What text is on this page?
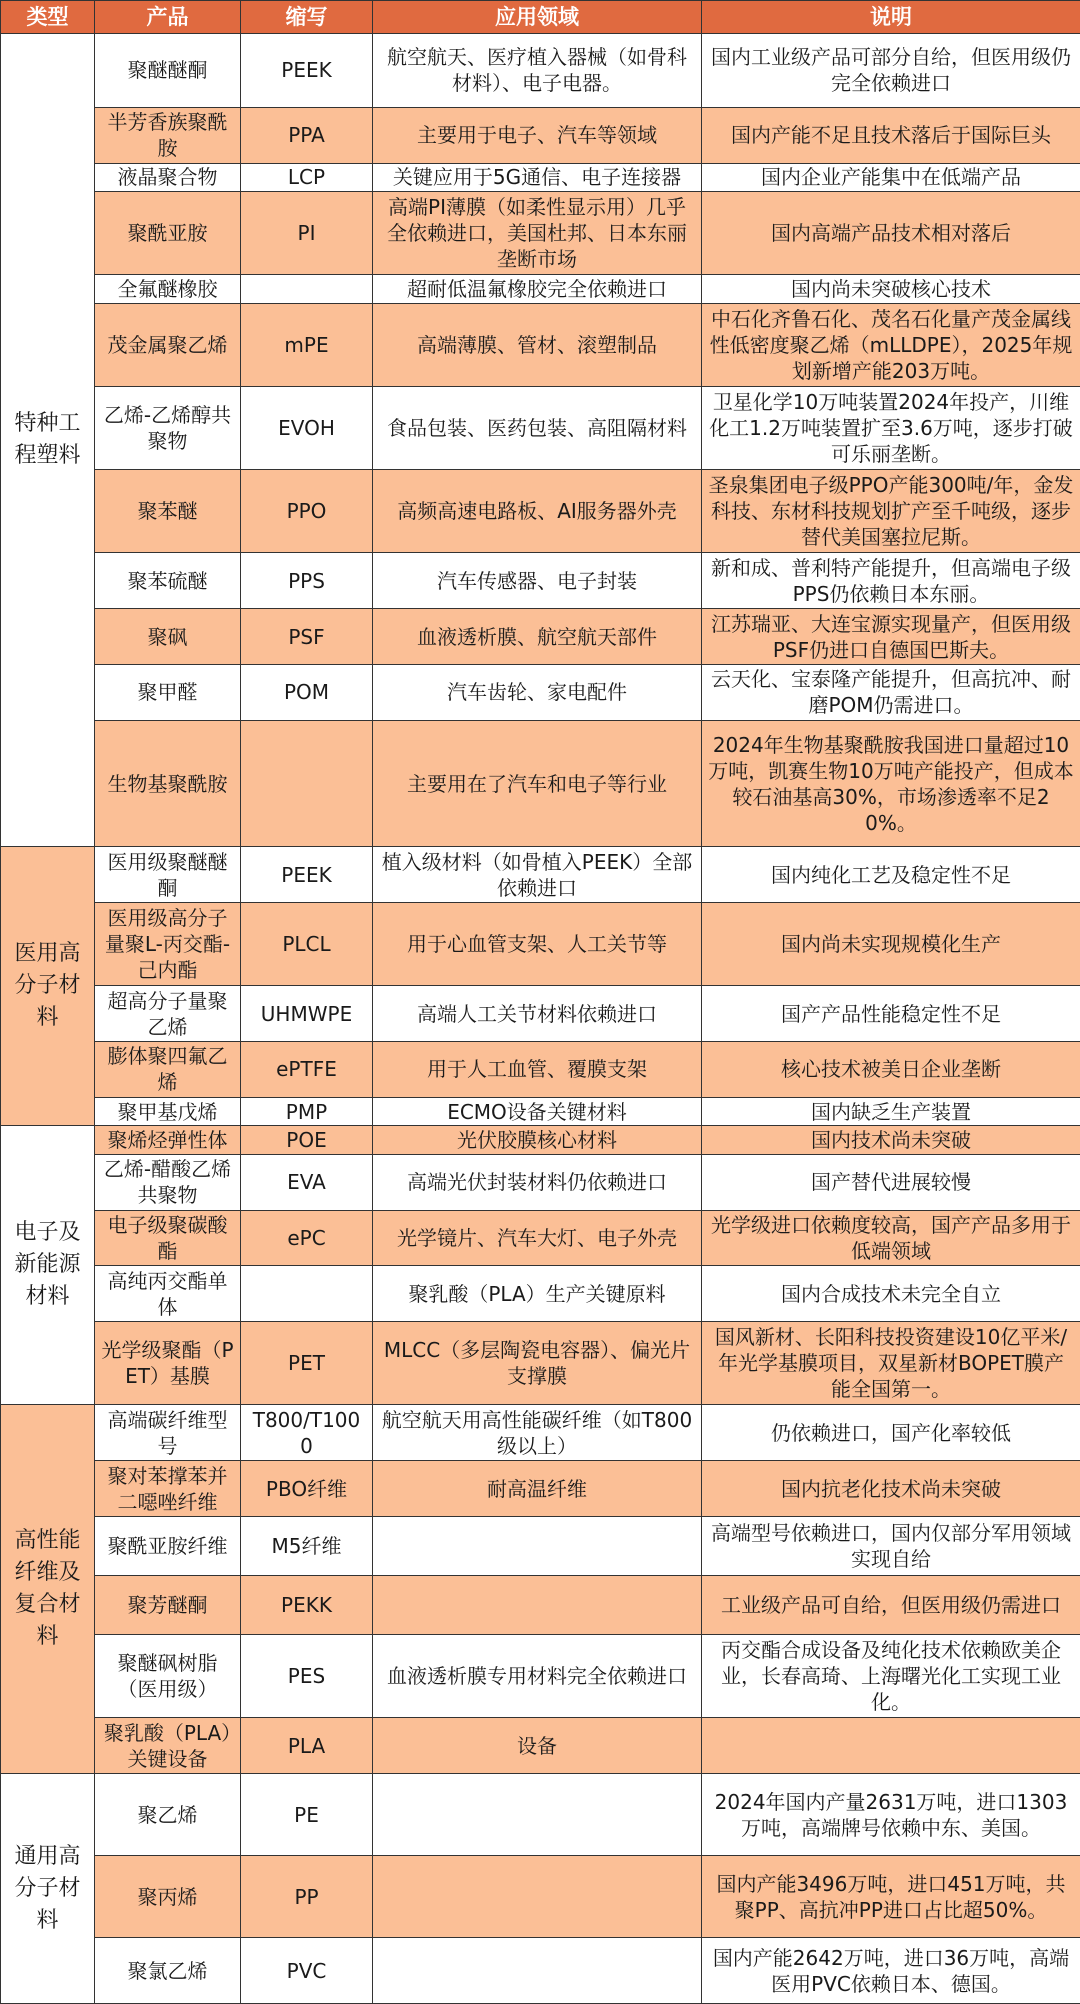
类型	产品	缩写	应用领域	说明
特种工程塑料	聚醚醚酮	PEEK	航空航天、医疗植入器械（如骨科材料）、电子电器。	国内工业级产品可部分自给，但医用级仍完全依赖进口
	半芳香族聚酰胺	PPA	主要用于电子、汽车等领域	国内产能不足且技术落后于国际巨头
	液晶聚合物	LCP	关键应用于5G通信、电子连接器	国内企业产能集中在低端产品
	聚酰亚胺	PI	高端PI薄膜（如柔性显示用）几乎全依赖进口，美国杜邦、日本东丽垄断市场	国内高端产品技术相对落后
	全氟醚橡胶		超耐低温氟橡胶完全依赖进口	国内尚未突破核心技术
	茂金属聚乙烯	mPE	高端薄膜、管材、滚塑制品	中石化齐鲁石化、茂名石化量产茂金属线性低密度聚乙烯（mLLDPE），2025年规划新增产能203万吨。
	乙烯-乙烯醇共聚物	EVOH	食品包装、医药包装、高阻隔材料	卫星化学10万吨装置2024年投产，川维化工1.2万吨装置扩至3.6万吨，逐步打破可乐丽垄断。
	聚苯醚	PPO	高频高速电路板、AI服务器外壳	圣泉集团电子级PPO产能300吨/年，金发科技、东材科技规划扩产至千吨级，逐步替代美国塞拉尼斯。
	聚苯硫醚	PPS	汽车传感器、电子封装	新和成、普利特产能提升，但高端电子级PPS仍依赖日本东丽。
	聚砜	PSF	血液透析膜、航空航天部件	江苏瑞亚、大连宝源实现量产，但医用级PSF仍进口自德国巴斯夫。
	聚甲醛	POM	汽车齿轮、家电配件	云天化、宝泰隆产能提升，但高抗冲、耐磨POM仍需进口。
	生物基聚酰胺		主要用在了汽车和电子等行业	2024年生物基聚酰胺我国进口量超过10万吨，凯赛生物10万吨产能投产，但成本较石油基高30%，市场渗透率不足20%。
医用高分子材料	医用级聚醚醚酮	PEEK	植入级材料（如骨植入PEEK）全部依赖进口	国内纯化工艺及稳定性不足
	医用级高分子量聚L-丙交酯-己内酯	PLCL	用于心血管支架、人工关节等	国内尚未实现规模化生产
	超高分子量聚乙烯	UHMWPE	高端人工关节材料依赖进口	国产产品性能稳定性不足
	膨体聚四氟乙烯	ePTFE	用于人工血管、覆膜支架	核心技术被美日企业垄断
	聚甲基戊烯	PMP	ECMO设备关键材料	国内缺乏生产装置
电子及新能源材料	聚烯烃弹性体	POE	光伏胶膜核心材料	国内技术尚未突破
	乙烯-醋酸乙烯共聚物	EVA	高端光伏封装材料仍依赖进口	国产替代进展较慢
	电子级聚碳酸酯	ePC	光学镜片、汽车大灯、电子外壳	光学级进口依赖度较高，国产产品多用于低端领域
	高纯丙交酯单体		聚乳酸（PLA）生产关键原料	国内合成技术未完全自立
	光学级聚酯（PET）基膜	PET	MLCC（多层陶瓷电容器）、偏光片支撑膜	国风新材、长阳科技投资建设10亿平米/年光学基膜项目，双星新材BOPET膜产能全国第一。
高性能纤维及复合材料	高端碳纤维型号	T800/T1000	航空航天用高性能碳纤维（如T800级以上）	仍依赖进口，国产化率较低
	聚对苯撑苯并二噁唑纤维	PBO纤维	耐高温纤维	国内抗老化技术尚未突破
	聚酰亚胺纤维	M5纤维		高端型号依赖进口，国内仅部分军用领域实现自给
	聚芳醚酮	PEKK		工业级产品可自给，但医用级仍需进口
	聚醚砜树脂（医用级）	PES	血液透析膜专用材料完全依赖进口	丙交酯合成设备及纯化技术依赖欧美企业，长春高琦、上海曙光化工实现工业化。
	聚乳酸（PLA）关键设备	PLA	设备	
通用高分子材料	聚乙烯	PE		2024年国内产量2631万吨，进口1303万吨，高端牌号依赖中东、美国。
	聚丙烯	PP		国内产能3496万吨，进口451万吨，共聚PP、高抗冲PP进口占比超50%。
	聚氯乙烯	PVC		国内产能2642万吨，进口36万吨，高端医用PVC依赖日本、德国。
